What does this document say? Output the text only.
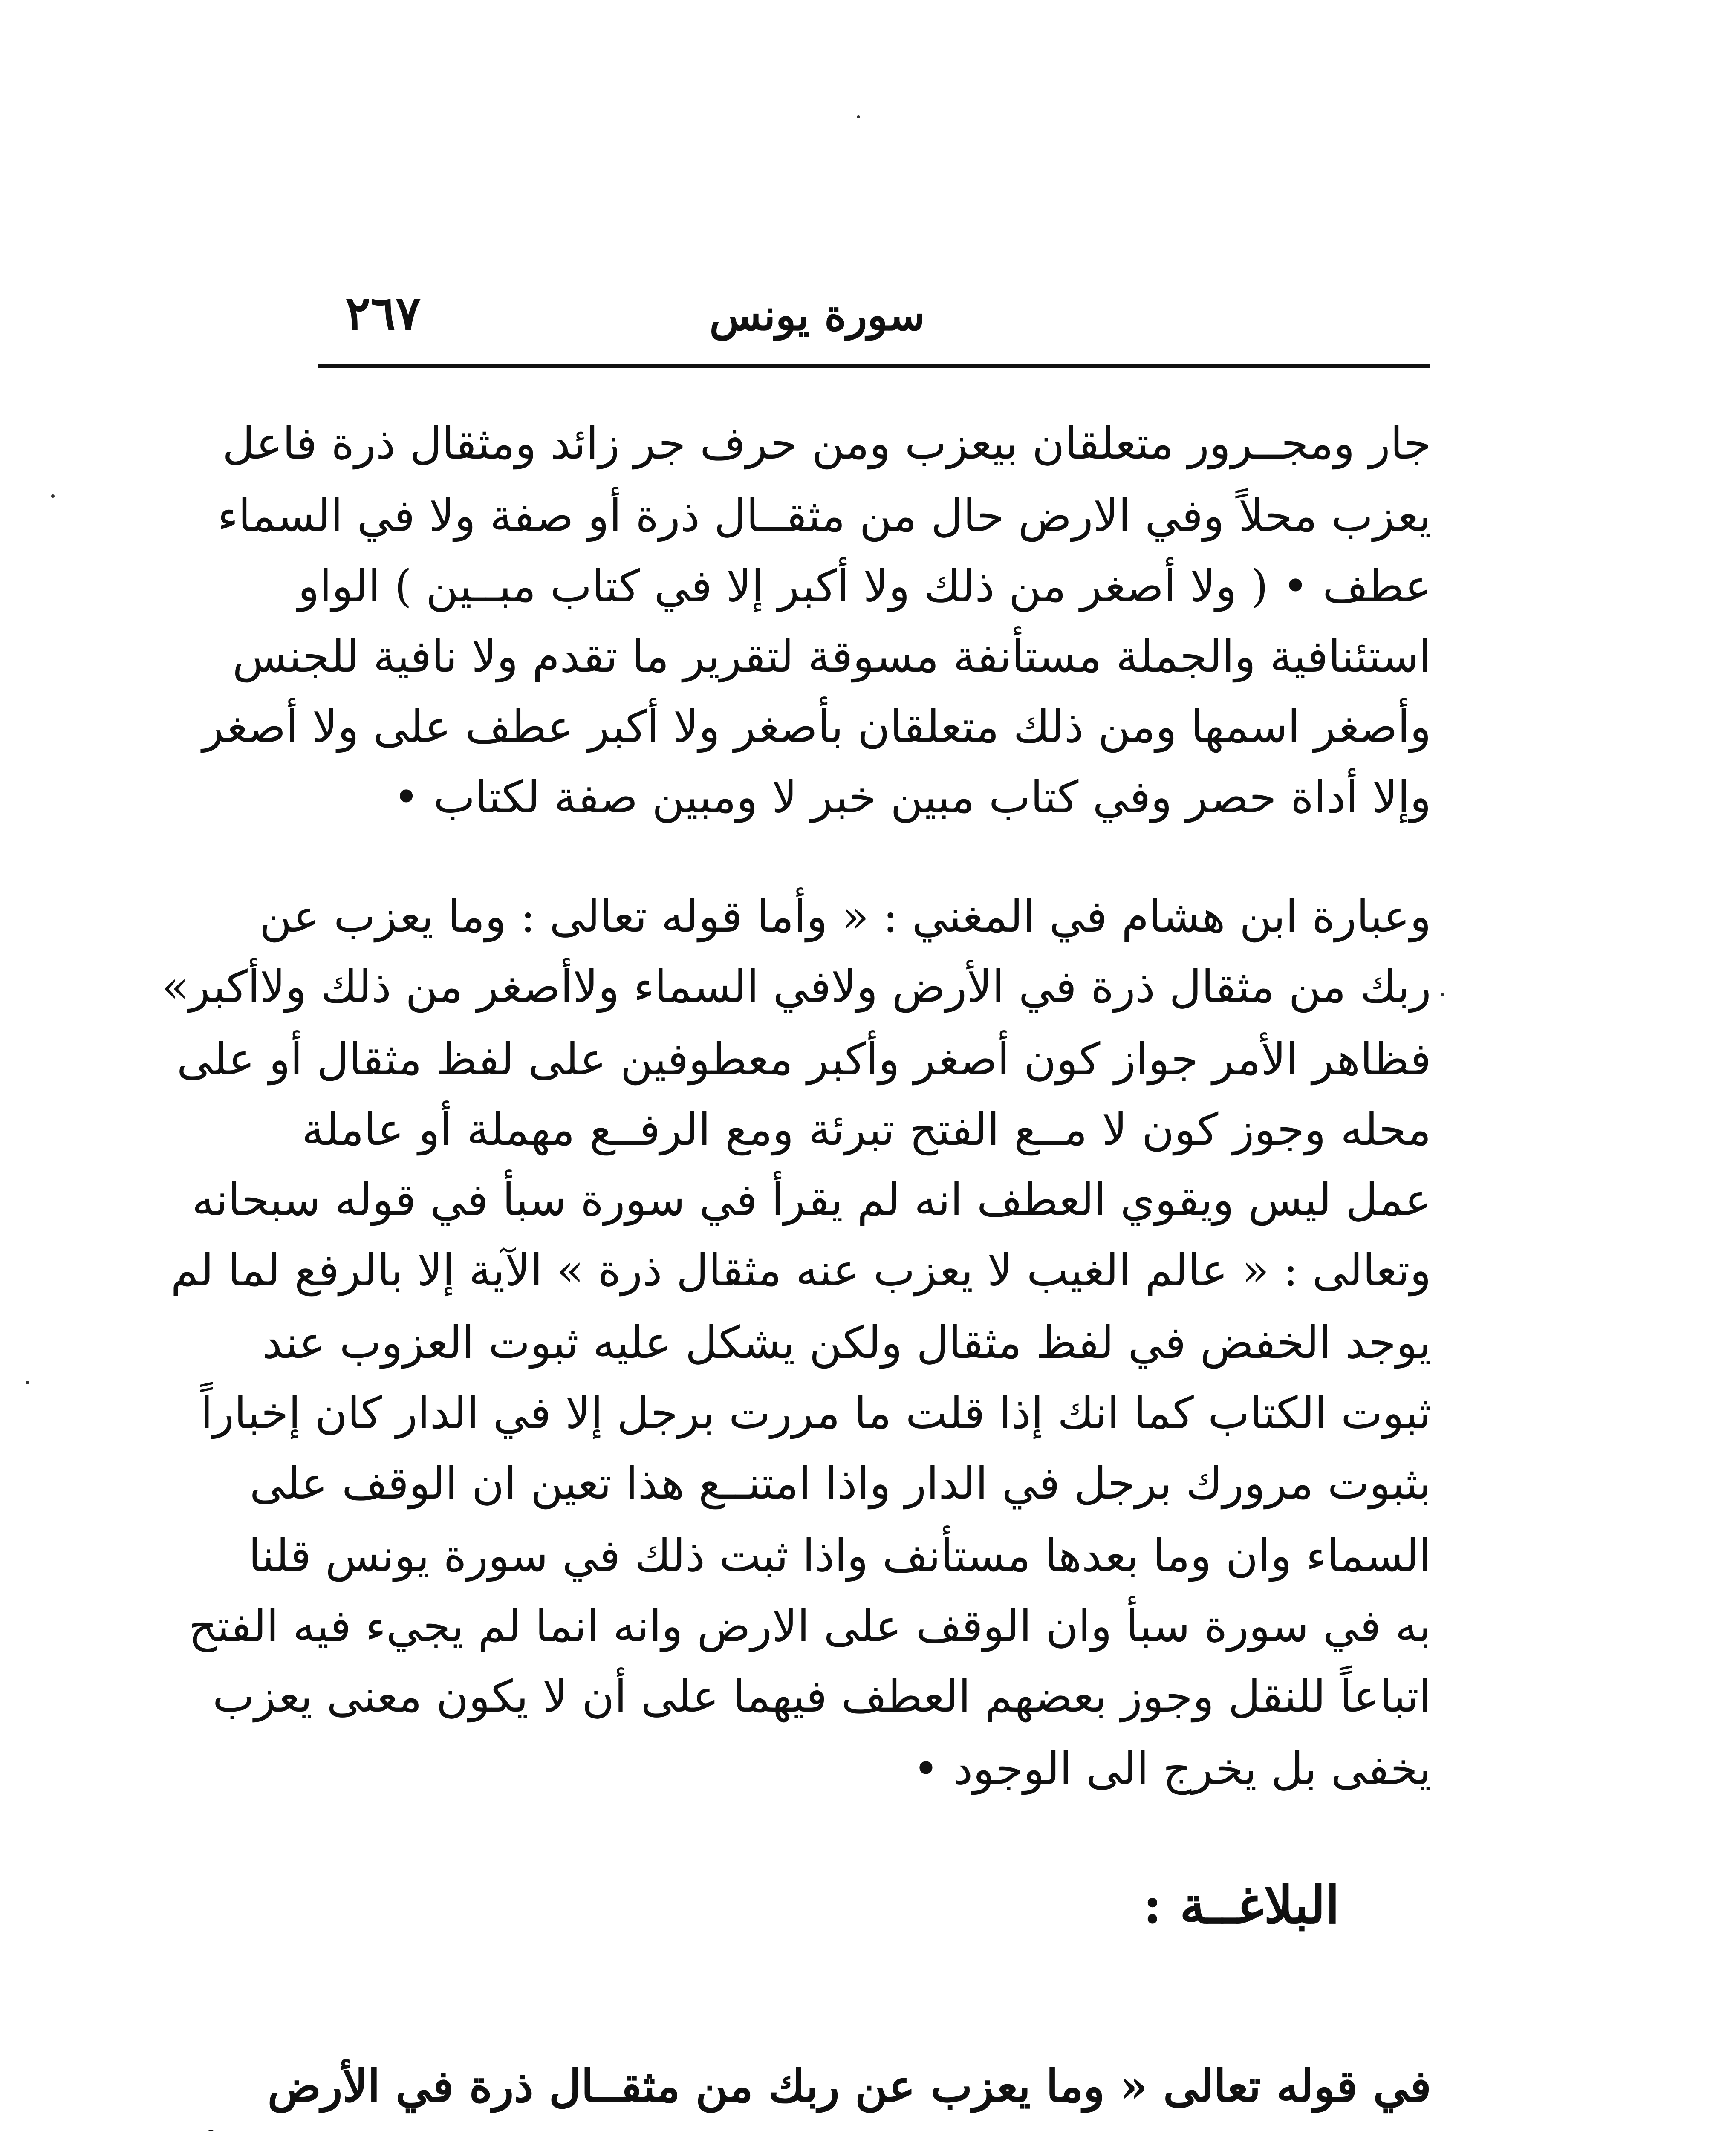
سورة يونس
٢٦٧
جار ومجــرور متعلقان بيعزب ومن حرف جر زائد ومثقال ذرة فاعل
يعزب محلاً وفي الارض حال من مثقــال ذرة أو صفة ولا في السماء
عطف • ( ولا أصغر من ذلك ولا أكبر إلا في كتاب مبــين ) الواو
استئنافية والجملة مستأنفة مسوقة لتقرير ما تقدم ولا نافية للجنس
وأصغر اسمها ومن ذلك متعلقان بأصغر ولا أكبر عطف على ولا أصغر
وإلا أداة حصر وفي كتاب مبين خبر لا ومبين صفة لكتاب •
وعبارة ابن هشام في المغني : « وأما قوله تعالى : وما يعزب عن
ربك من مثقال ذرة في الأرض ولافي السماء ولاأصغر من ذلك ولاأكبر»
فظاهر الأمر جواز كون أصغر وأكبر معطوفين على لفظ مثقال أو على
محله وجوز كون لا مــع الفتح تبرئة ومع الرفــع مهملة أو عاملة
عمل ليس ويقوي العطف انه لم يقرأ في سورة سبأ في قوله سبحانه
وتعالى : « عالم الغيب لا يعزب عنه مثقال ذرة » الآية إلا بالرفع لما لم
يوجد الخفض في لفظ مثقال ولكن يشكل عليه ثبوت العزوب عند
ثبوت الكتاب كما انك إذا قلت ما مررت برجل إلا في الدار كان إخباراً
بثبوت مرورك برجل في الدار واذا امتنــع هذا تعين ان الوقف على
السماء وان وما بعدها مستأنف واذا ثبت ذلك في سورة يونس قلنا
به في سورة سبأ وان الوقف على الارض وانه انما لم يجيء فيه الفتح
اتباعاً للنقل وجوز بعضهم العطف فيهما على أن لا يكون معنى يعزب
يخفى بل يخرج الى الوجود •
البلاغــة :
في قوله تعالى « وما يعزب عن ربك من مثقــال ذرة في الأرض
